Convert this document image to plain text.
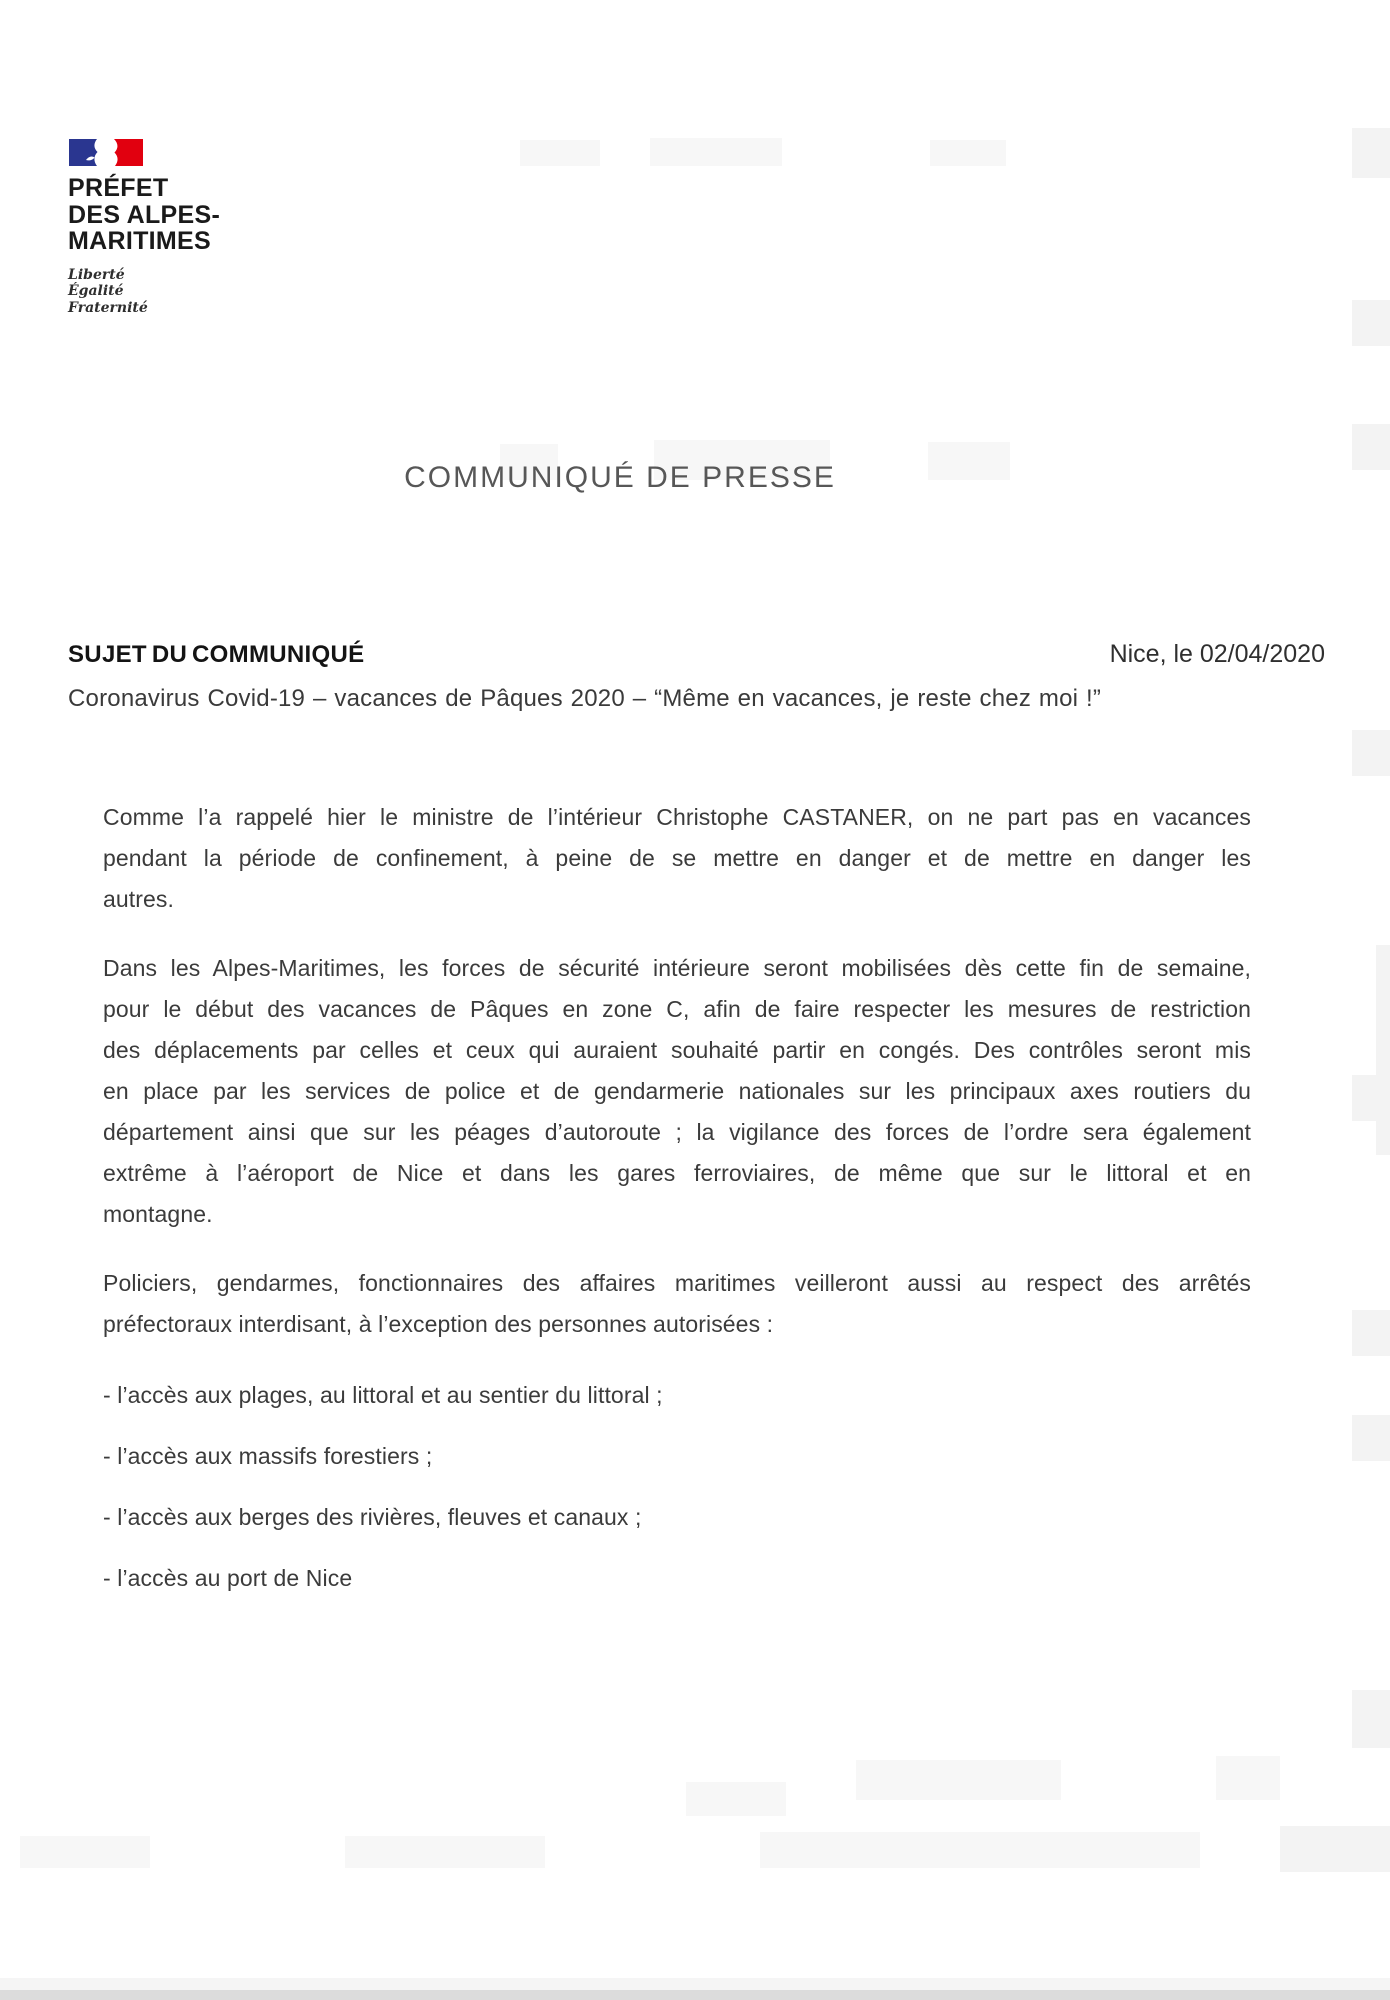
PRÉFET
DES ALPES-
MARITIMES
Liberté
Égalité
Fraternité
COMMUNIQUÉ DE PRESSE
SUJET DU COMMUNIQUÉ	Nice, le 02/04/2020
Coronavirus Covid-19 – vacances de Pâques 2020 – “Même en vacances, je reste chez moi !”
Comme l’a rappelé hier le ministre de l’intérieur Christophe CASTANER, on ne part pas en vacances
pendant la période de confinement, à peine de se mettre en danger et de mettre en danger les
autres.
Dans les Alpes-Maritimes, les forces de sécurité intérieure seront mobilisées dès cette fin de semaine,
pour le début des vacances de Pâques en zone C, afin de faire respecter les mesures de restriction
des déplacements par celles et ceux qui auraient souhaité partir en congés. Des contrôles seront mis
en place par les services de police et de gendarmerie nationales sur les principaux axes routiers du
département ainsi que sur les péages d’autoroute ; la vigilance des forces de l’ordre sera également
extrême à l’aéroport de Nice et dans les gares ferroviaires, de même que sur le littoral et en
montagne.
Policiers, gendarmes, fonctionnaires des affaires maritimes veilleront aussi au respect des arrêtés
préfectoraux interdisant, à l’exception des personnes autorisées :
- l’accès aux plages, au littoral et au sentier du littoral ;
- l’accès aux massifs forestiers ;
- l’accès aux berges des rivières, fleuves et canaux ;
- l’accès au port de Nice
